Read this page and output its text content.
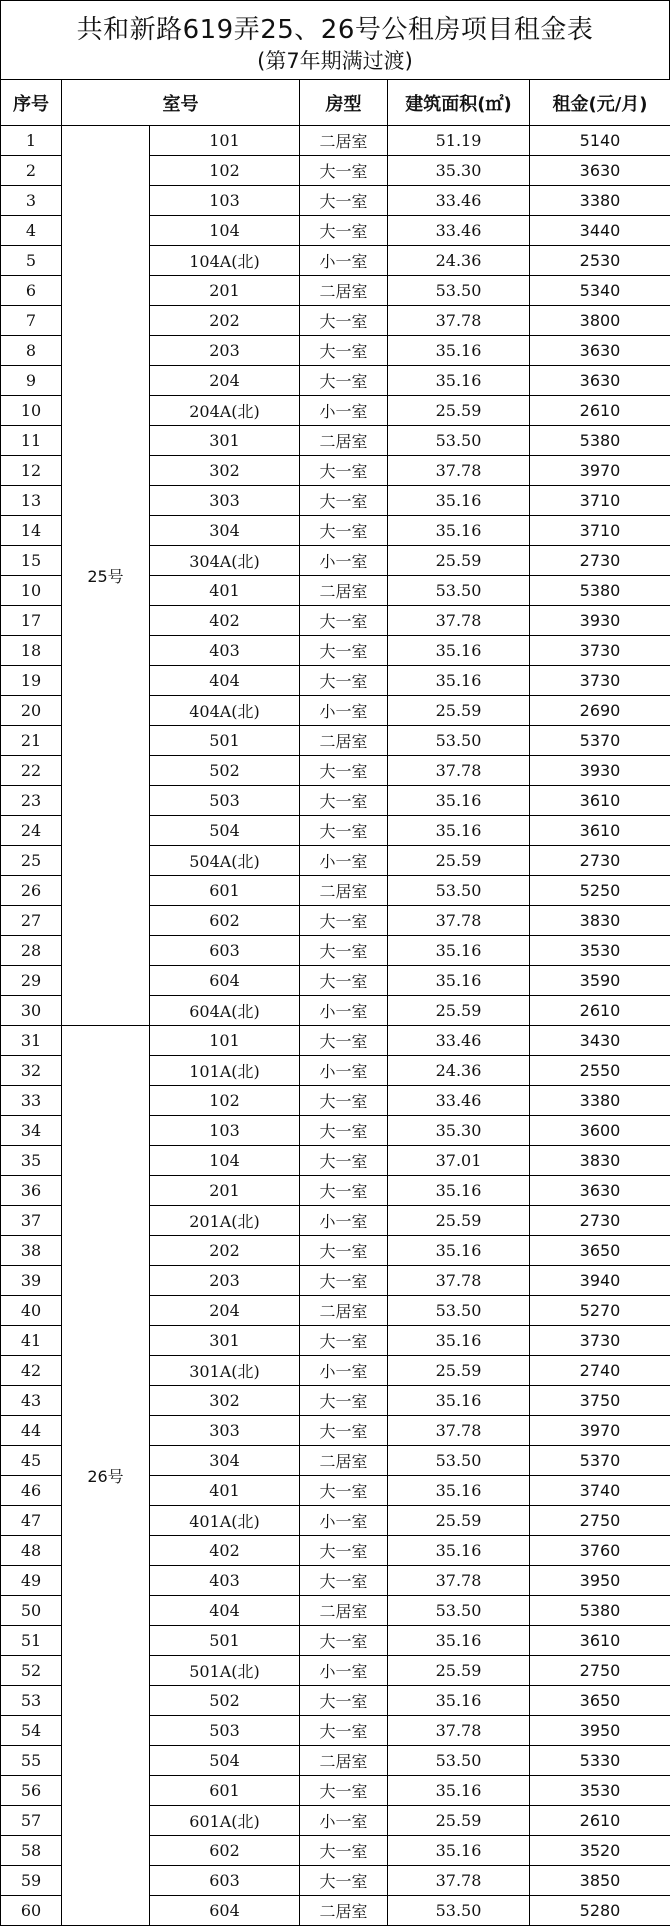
共和新路619弄25、26号公租房项目租金表
(第7年期满过渡)
序号	室号		房型	建筑面积(㎡)	租金(元/月)
1	25号	101	二居室	51.19	5140
2		102	大一室	35.30	3630
3		103	大一室	33.46	3380
4		104	大一室	33.46	3440
5		104A(北)	小一室	24.36	2530
6		201	二居室	53.50	5340
7		202	大一室	37.78	3800
8		203	大一室	35.16	3630
9		204	大一室	35.16	3630
10		204A(北)	小一室	25.59	2610
11		301	二居室	53.50	5380
12		302	大一室	37.78	3970
13		303	大一室	35.16	3710
14		304	大一室	35.16	3710
15		304A(北)	小一室	25.59	2730
10		401	二居室	53.50	5380
17		402	大一室	37.78	3930
18		403	大一室	35.16	3730
19		404	大一室	35.16	3730
20		404A(北)	小一室	25.59	2690
21		501	二居室	53.50	5370
22		502	大一室	37.78	3930
23		503	大一室	35.16	3610
24		504	大一室	35.16	3610
25		504A(北)	小一室	25.59	2730
26		601	二居室	53.50	5250
27		602	大一室	37.78	3830
28		603	大一室	35.16	3530
29		604	大一室	35.16	3590
30		604A(北)	小一室	25.59	2610
31	26号	101	大一室	33.46	3430
32		101A(北)	小一室	24.36	2550
33		102	大一室	33.46	3380
34		103	大一室	35.30	3600
35		104	大一室	37.01	3830
36		201	大一室	35.16	3630
37		201A(北)	小一室	25.59	2730
38		202	大一室	35.16	3650
39		203	大一室	37.78	3940
40		204	二居室	53.50	5270
41		301	大一室	35.16	3730
42		301A(北)	小一室	25.59	2740
43		302	大一室	35.16	3750
44		303	大一室	37.78	3970
45		304	二居室	53.50	5370
46		401	大一室	35.16	3740
47		401A(北)	小一室	25.59	2750
48		402	大一室	35.16	3760
49		403	大一室	37.78	3950
50		404	二居室	53.50	5380
51		501	大一室	35.16	3610
52		501A(北)	小一室	25.59	2750
53		502	大一室	35.16	3650
54		503	大一室	37.78	3950
55		504	二居室	53.50	5330
56		601	大一室	35.16	3530
57		601A(北)	小一室	25.59	2610
58		602	大一室	35.16	3520
59		603	大一室	37.78	3850
60		604	二居室	53.50	5280
